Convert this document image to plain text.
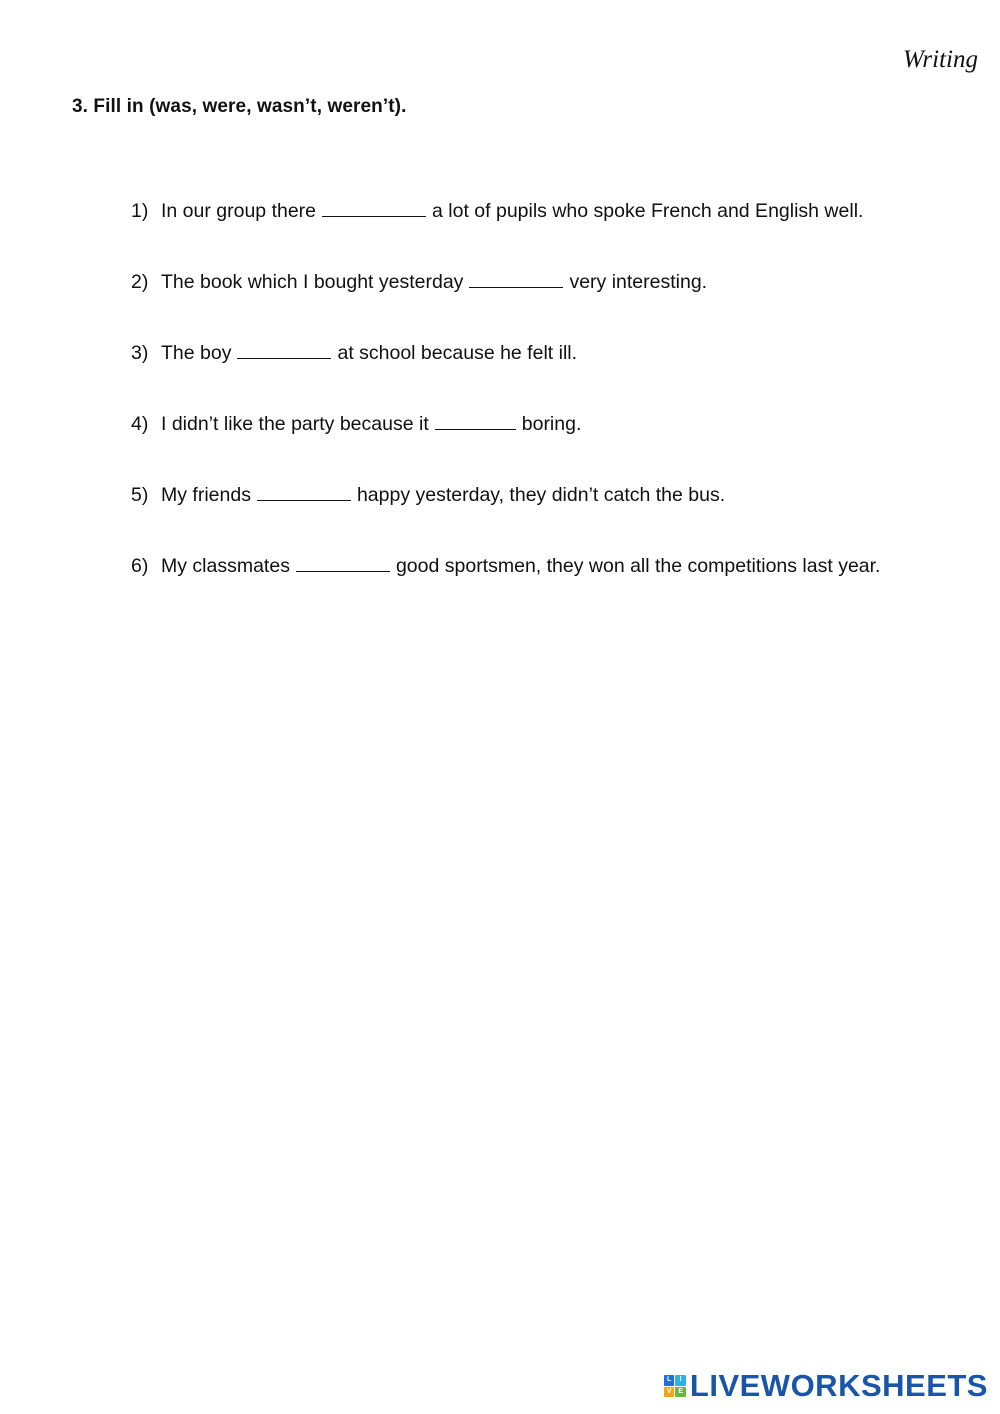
Writing
3. Fill in (was, were, wasn’t, weren’t).
1) In our group there	a lot of pupils who spoke French and English well.
2) The book which I bought yesterday	very interesting.
3) The boy	at school because he felt ill.
4) I didn’t like the party because it	boring.
5) My friends	happy yesterday, they didn’t catch the bus.
6) My classmates	good sportsmen, they won all the competitions last year.
L	I
V E LIVEWORKSHEETS
